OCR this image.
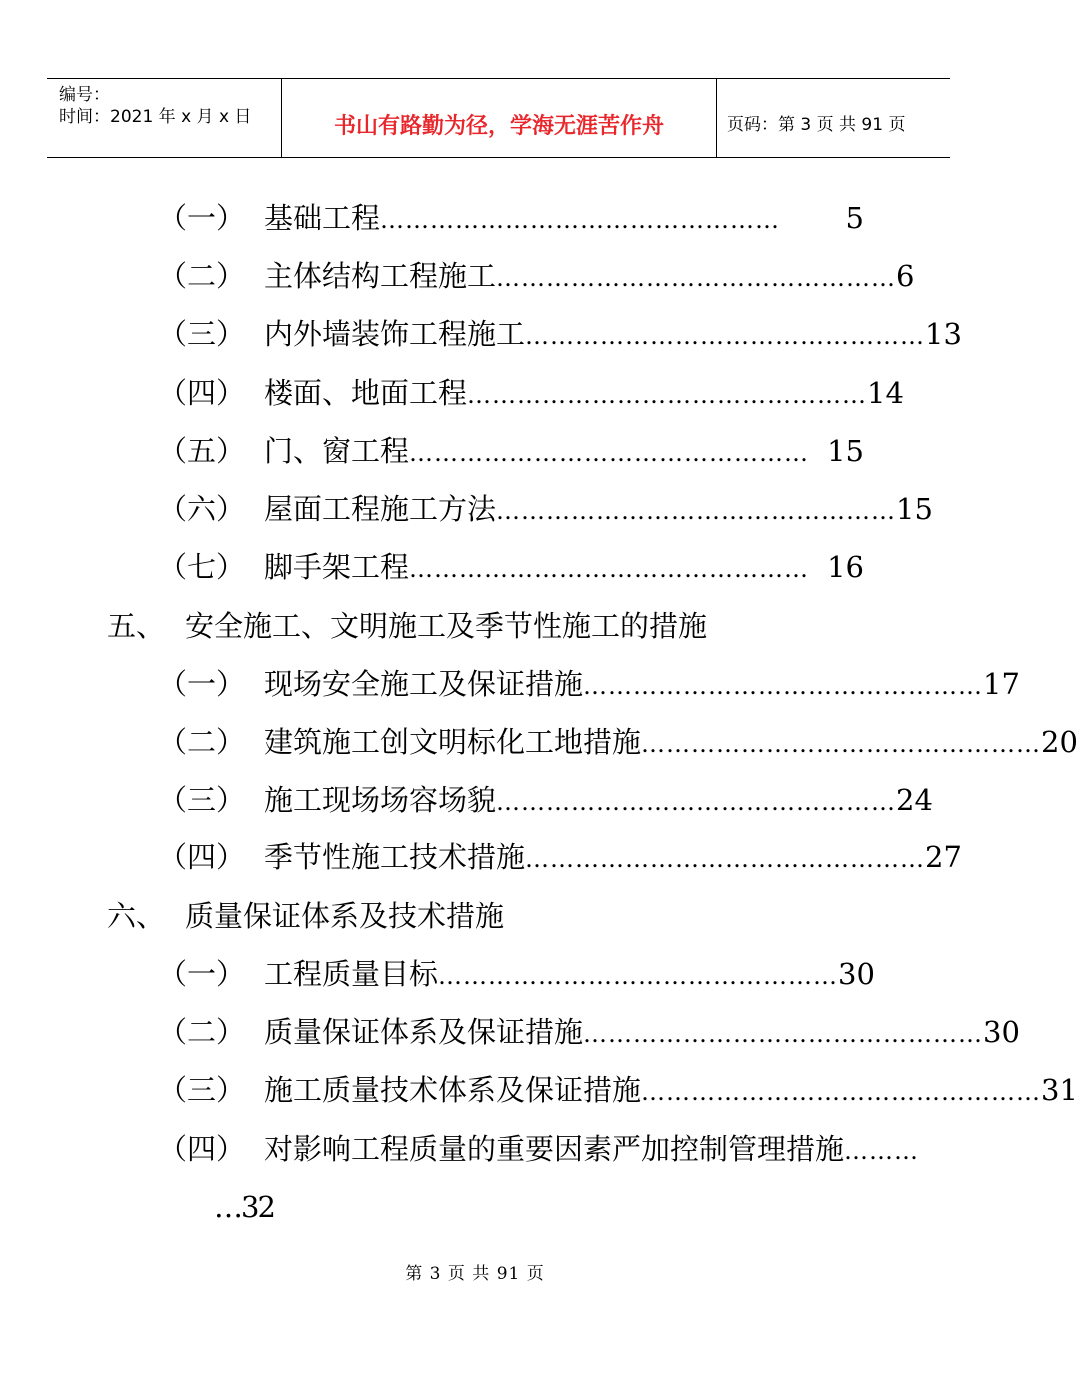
编号：
时间：2021 年 x 月 x 日	书山有路勤为径，学海无涯苦作舟	页码：第 3 页 共 91 页
（一） 基础工程 …………………………………………	5
（二） 主体结构工程施工 ………………………………………… 6
（三） 内外墙装饰工程施工 ………………………………………… 13
（四） 楼面、地面工程 ………………………………………… 14
（五） 门、窗工程 ………………………………………… 15
（六） 屋面工程施工方法 ………………………………………… 15
（七） 脚手架工程 ………………………………………… 16
五、 安全施工、文明施工及季节性施工的措施
（一） 现场安全施工及保证措施 ………………………………………… 17
（二） 建筑施工创文明标化工地措施 ………………………………………… 20
（三） 施工现场场容场貌 ………………………………………… 24
（四） 季节性施工技术措施 ………………………………………… 27
六、 质量保证体系及技术措施
（一） 工程质量目标 ………………………………………… 30
（二） 质量保证体系及保证措施 ………………………………………… 30
（三） 施工质量技术体系及保证措施 ………………………………………… 31
（四） 对影响工程质量的重要因素严加控制管理措施 ………
…32
第 3 页 共 91 页
